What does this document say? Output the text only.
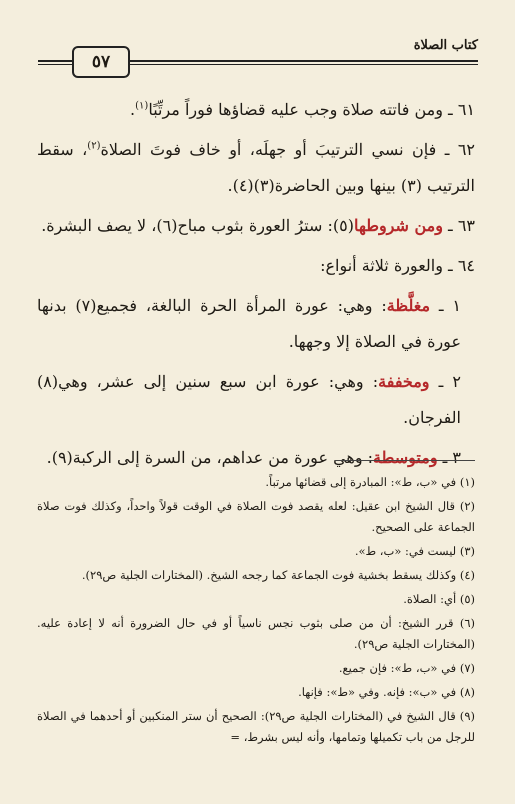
كتاب الصلاة
٥٧

٦١ ـ ومن فاتته صلاة وجب عليه قضاؤها فوراً مرتِّبًا$^{(١)}$.

٦٢ ـ فإن نسي الترتيبَ أو جهلَه، أو خاف فوتَ الصلاة$^{(٢)}$، سقط الترتيب (٣) بينها وبين الحاضرة(٣)(٤).

٦٣ ـ ومن شروطها(٥): سترُ العورة بثوب مباح(٦)، لا يصف البشرة.

٦٤ ـ والعورة ثلاثة أنواع:

١ ـ مغلَّظة: وهي: عورة المرأة الحرة البالغة، فجميع(٧) بدنها عورة في الصلاة إلا وجهها.

٢ ـ ومخففة: وهي: عورة ابن سبع سنين إلى عشر، وهي(٨) الفرجان.

٣ ـ ومتوسطة: وهي عورة من عداهم، من السرة إلى الركبة(٩).

(١) في «ب، ط»: المبادرة إلى قضائها مرتباً.

(٢) قال الشيخ ابن عقيل: لعله يقصد فوت الصلاة في الوقت قولاً واحداً، وكذلك فوت صلاة الجماعة على الصحيح.

(٣) ليست في: «ب، ط».

(٤) وكذلك يسقط بخشية فوت الجماعة كما رجحه الشيخ. (المختارات الجلية ص٢٩).

(٥) أي: الصلاة.

(٦) قرر الشيخ: أن من صلى بثوب نجس ناسياً أو في حال الضرورة أنه لا إعادة عليه. (المختارات الجلية ص٢٩).

(٧) في «ب، ط»: فإن جميع.

(٨) في «ب»: فإنه. وفي «ط»: فإنها.

(٩) قال الشيخ في (المختارات الجلية ص٢٩): الصحيح أن ستر المنكبين أو أحدهما في الصلاة للرجل من باب تكميلها وتمامها، وأنه ليس بشرط، =
